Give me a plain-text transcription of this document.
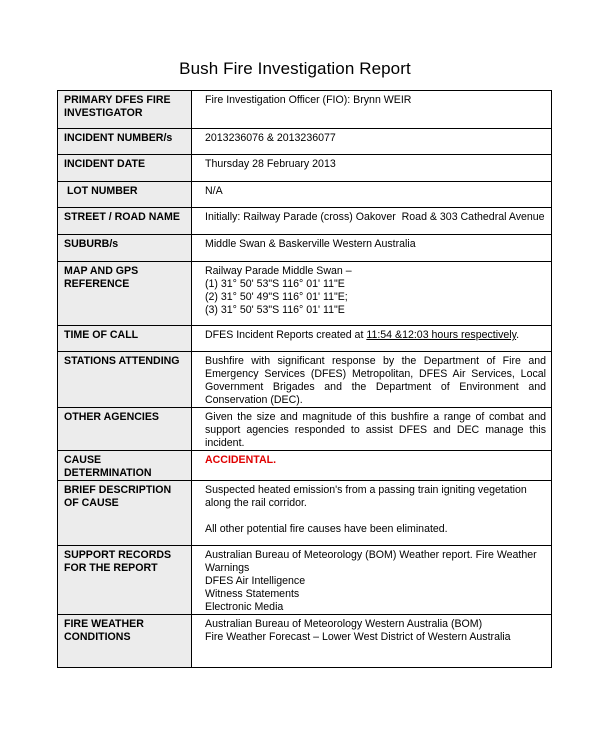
Bush Fire Investigation Report
PRIMARY DFES FIRE INVESTIGATOR	Fire Investigation Officer (FIO): Brynn WEIR

INCIDENT NUMBER/s	2013236076 & 2013236077

INCIDENT DATE	Thursday 28 February 2013

LOT NUMBER	N/A

STREET / ROAD NAME	Initially: Railway Parade (cross) Oakover  Road & 303 Cathedral Avenue

SUBURB/s	Middle Swan & Baskerville Western Australia

MAP AND GPS REFERENCE	Railway Parade Middle Swan –
(1) 31° 50' 53"S 116° 01' 11"E
(2) 31° 50' 49"S 116° 01' 11"E;
(3) 31° 50' 53"S 116° 01' 11"E

TIME OF CALL	DFES Incident Reports created at 11:54 &12:03 hours respectively.

STATIONS ATTENDING	Bushfire with significant response by the Department of Fire and Emergency Services (DFES) Metropolitan, DFES Air Services, Local Government Brigades and the Department of Environment and Conservation (DEC).

OTHER AGENCIES	Given the size and magnitude of this bushfire a range of combat and support agencies responded to assist DFES and DEC manage this incident.

CAUSE DETERMINATION	ACCIDENTAL.

BRIEF DESCRIPTION OF CAUSE	Suspected heated emission's from a passing train igniting vegetation along the rail corridor.
All other potential fire causes have been eliminated.

SUPPORT RECORDS FOR THE REPORT	Australian Bureau of Meteorology (BOM) Weather report. Fire Weather Warnings
DFES Air Intelligence
Witness Statements
Electronic Media

FIRE WEATHER CONDITIONS	Australian Bureau of Meteorology Western Australia (BOM)
Fire Weather Forecast – Lower West District of Western Australia
